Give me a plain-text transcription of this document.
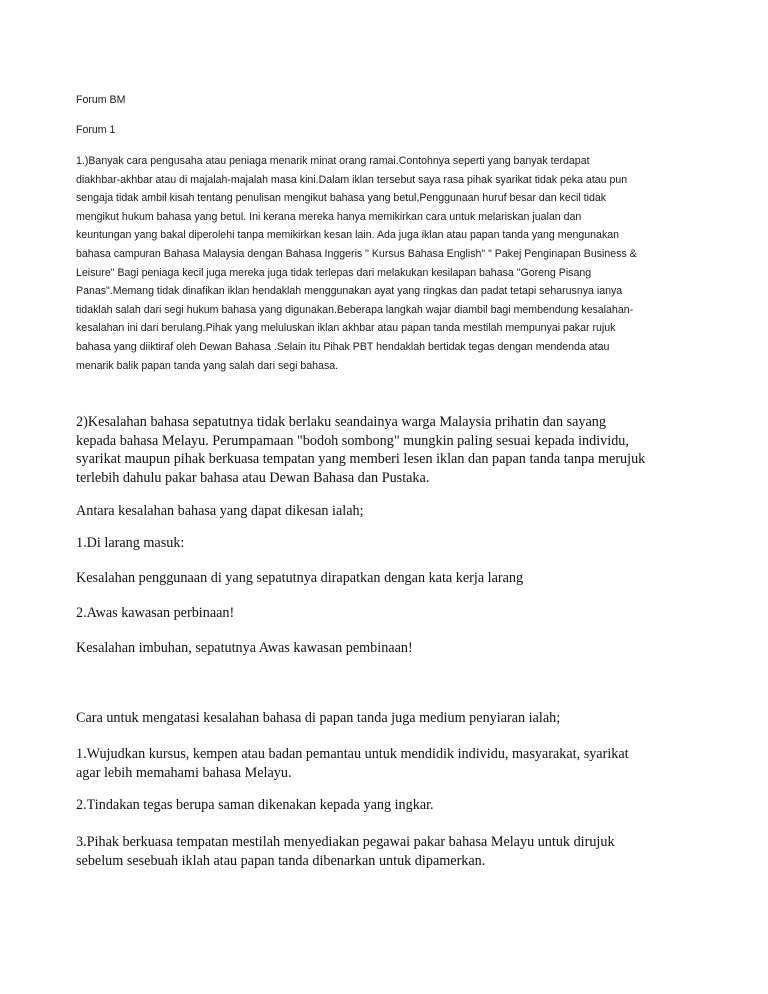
Forum BM

Forum 1

1.)Banyak cara pengusaha atau peniaga menarik minat orang ramai.Contohnya seperti yang banyak terdapat
diakhbar-akhbar atau di majalah-majalah masa kini.Dalam iklan tersebut saya rasa pihak syarikat tidak peka atau pun
sengaja tidak ambil kisah tentang penulisan mengikut bahasa yang betul,Penggunaan huruf besar dan kecil tidak
mengikut hukum bahasa yang betul. Ini kerana mereka hanya memikirkan cara untuk melariskan jualan dan
keuntungan yang bakal diperolehi tanpa memikirkan kesan lain. Ada juga iklan atau papan tanda yang mengunakan
bahasa campuran Bahasa Malaysia dengan Bahasa Inggeris " Kursus Bahasa English" " Pakej Penginapan Business &
Leisure" Bagi peniaga kecil juga mereka juga tidak terlepas dari melakukan kesilapan bahasa "Goreng Pisang
Panas".Memang tidak dinafikan iklan hendaklah menggunakan ayat yang ringkas dan padat tetapi seharusnya ianya
tidaklah salah dari segi hukum bahasa yang digunakan.Beberapa langkah wajar diambil bagi membendung kesalahan-
kesalahan ini dari berulang.Pihak yang meluluskan iklan akhbar atau papan tanda mestilah mempunyai pakar rujuk
bahasa yang diiktiraf oleh Dewan Bahasa .Selain itu Pihak PBT hendaklah bertidak tegas dengan mendenda atau
menarik balik papan tanda yang salah dari segi bahasa.
2)Kesalahan bahasa sepatutnya tidak berlaku seandainya warga Malaysia prihatin dan sayang
kepada bahasa Melayu. Perumpamaan "bodoh sombong" mungkin paling sesuai kepada individu,
syarikat maupun pihak berkuasa tempatan yang memberi lesen iklan dan papan tanda tanpa merujuk
terlebih dahulu pakar bahasa atau Dewan Bahasa dan Pustaka.

Antara kesalahan bahasa yang dapat dikesan ialah;

1.Di larang masuk:

Kesalahan penggunaan di yang sepatutnya dirapatkan dengan kata kerja larang

2.Awas kawasan perbinaan!

Kesalahan imbuhan, sepatutnya Awas kawasan pembinaan!

Cara untuk mengatasi kesalahan bahasa di papan tanda juga medium penyiaran ialah;

1.Wujudkan kursus, kempen atau badan pemantau untuk mendidik individu, masyarakat, syarikat
agar lebih memahami bahasa Melayu.

2.Tindakan tegas berupa saman dikenakan kepada yang ingkar.

3.Pihak berkuasa tempatan mestilah menyediakan pegawai pakar bahasa Melayu untuk dirujuk
sebelum sesebuah iklah atau papan tanda dibenarkan untuk dipamerkan.
